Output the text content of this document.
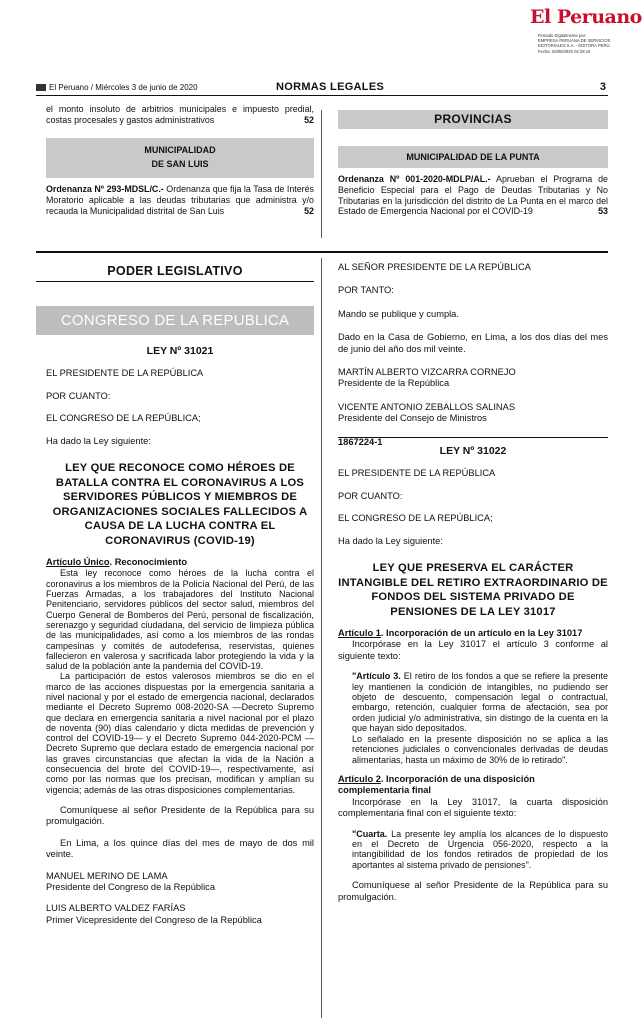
El Peruano
Firmado Digitalmente por:
EMPRESA PERUANA DE SERVICIOS
EDITORIALES S.A. - EDITORA PERU
Fecha: 03/06/2020 04:28:15
El Peruano / Miércoles 3 de junio de 2020	NORMAS LEGALES	3
el monto insoluto de arbitrios municipales e impuesto predial, costas procesales y gastos administrativos	52
MUNICIPALIDAD
DE SAN LUIS
Ordenanza Nº 293-MDSL/C.- Ordenanza que fija la Tasa de Interés Moratorio aplicable a las deudas tributarias que administra y/o recauda la Municipalidad distrital de San Luis	52
PROVINCIAS
MUNICIPALIDAD DE LA PUNTA
Ordenanza Nº 001-2020-MDLP/AL.- Aprueban el Programa de Beneficio Especial para el Pago de Deudas Tributarias y No Tributarias en la jurisdicción del distrito de La Punta en el marco del Estado de Emergencia Nacional por el COVID-19	53
PODER LEGISLATIVO
CONGRESO DE LA REPUBLICA

LEY Nº 31021

EL PRESIDENTE DE LA REPÚBLICA

POR CUANTO:

EL CONGRESO DE LA REPÚBLICA;

Ha dado la Ley siguiente:

LEY QUE RECONOCE COMO HÉROES DE BATALLA CONTRA EL CORONAVIRUS A LOS SERVIDORES PÚBLICOS Y MIEMBROS DE ORGANIZACIONES SOCIALES FALLECIDOS A CAUSA DE LA LUCHA CONTRA EL CORONAVIRUS (COVID-19)

Artículo Único. Reconocimiento

Esta ley reconoce como héroes de la lucha contra el coronavirus a los miembros de la Policía Nacional del Perú, de las Fuerzas Armadas, a los trabajadores del Instituto Nacional Penitenciario, servidores públicos del sector salud, miembros del Cuerpo General de Bomberos del Perú, personal de fiscalización, serenazgo y seguridad ciudadana, del servicio de limpieza pública de las municipalidades, así como a los miembros de las rondas campesinas y comités de autodefensa, reservistas, quienes fallecieron en valerosa y sacrificada labor protegiendo la vida y la salud de la población ante la pandemia del COVID-19.

La participación de estos valerosos miembros se dio en el marco de las acciones dispuestas por la emergencia sanitaria a nivel nacional y por el estado de emergencia nacional, declarados mediante el Decreto Supremo 008-2020-SA —Decreto Supremo que declara en emergencia sanitaria a nivel nacional por el plazo de noventa (90) días calendario y dicta medidas de prevención y control del COVID-19— y el Decreto Supremo 044-2020-PCM —Decreto Supremo que declara estado de emergencia nacional por las graves circunstancias que afectan la vida de la Nación a consecuencia del brote del COVID-19—, respectivamente, así como por las normas que los precisan, modifican y amplían su vigencia; además de las otras disposiciones complementarias.

Comuníquese al señor Presidente de la República para su promulgación.

En Lima, a los quince días del mes de mayo de dos mil veinte.

MANUEL MERINO DE LAMA

Presidente del Congreso de la República

LUIS ALBERTO VALDEZ FARÍAS

Primer Vicepresidente del Congreso de la República

AL SEÑOR PRESIDENTE DE LA REPÚBLICA

POR TANTO:

Mando se publique y cumpla.

Dado en la Casa de Gobierno, en Lima, a los dos días del mes de junio del año dos mil veinte.

MARTÍN ALBERTO VIZCARRA CORNEJO

Presidente de la República

VICENTE ANTONIO ZEBALLOS SALINAS

Presidente del Consejo de Ministros

1867224-1

LEY Nº 31022

EL PRESIDENTE DE LA REPÚBLICA

POR CUANTO:

EL CONGRESO DE LA REPÚBLICA;

Ha dado la Ley siguiente:

LEY QUE PRESERVA EL CARÁCTER INTANGIBLE DEL RETIRO EXTRAORDINARIO DE FONDOS DEL SISTEMA PRIVADO DE PENSIONES DE LA LEY 31017

Artículo 1. Incorporación de un artículo en la Ley 31017

Incorpórase en la Ley 31017 el artículo 3 conforme al siguiente texto:

"Artículo 3. El retiro de los fondos a que se refiere la presente ley mantienen la condición de intangibles, no pudiendo ser objeto de descuento, compensación legal o contractual, embargo, retención, cualquier forma de afectación, sea por orden judicial y/o administrativa, sin distingo de la cuenta en la que hayan sido depositados.

Lo señalado en la presente disposición no se aplica a las retenciones judiciales o convencionales derivadas de deudas alimentarias, hasta un máximo de 30% de lo retirado".

Artículo 2. Incorporación de una disposición complementaria final

Incorpórase en la Ley 31017, la cuarta disposición complementaria final con el siguiente texto:

"Cuarta. La presente ley amplía los alcances de lo dispuesto en el Decreto de Urgencia 056-2020, respecto a la intangibilidad de los fondos retirados de propiedad de los aportantes al sistema privado de pensiones".

Comuníquese al señor Presidente de la República para su promulgación.
